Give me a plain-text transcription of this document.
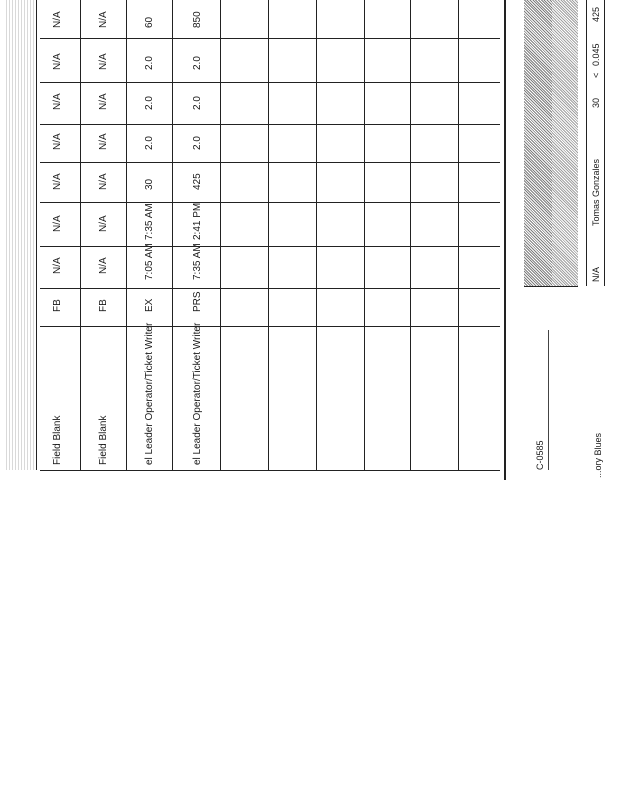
Field Blank
FB
N/A
N/A
N/A
N/A
N/A
N/A
N/A
Field Blank
FB
N/A
N/A
N/A
N/A
N/A
N/A
N/A
el Leader Operator/Ticket Writer
EX
7:05 AM
7:35 AM
30
2.0
2.0
2.0
60
el Leader Operator/Ticket Writer
PRS
7:35 AM
2:41 PM
425
2.0
2.0
2.0
850
C-0585	...ory Blues
N/A
Tomas Gonzales
30
<
0.045
425
